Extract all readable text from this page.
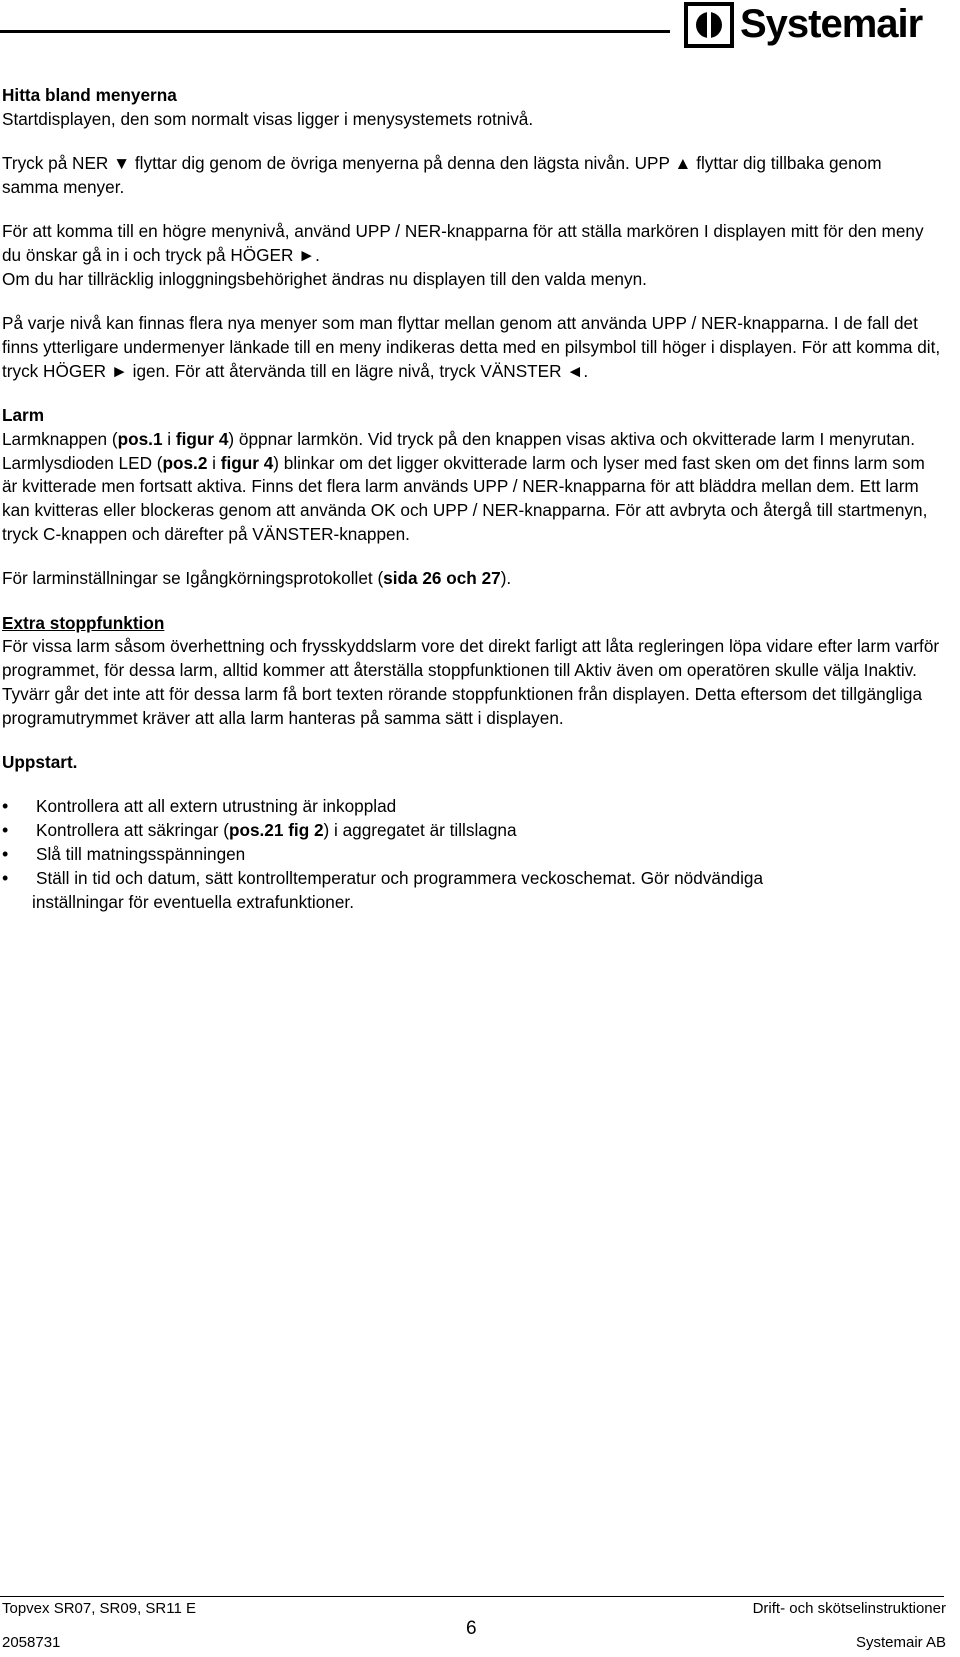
Systemair

Hitta bland menyerna

Startdisplayen, den som normalt visas ligger i menysystemets rotnivå.

Tryck på NER ▼ flyttar dig genom de övriga menyerna på denna den lägsta nivån. UPP ▲ flyttar dig tillbaka genom samma menyer.

För att komma till en högre menynivå, använd UPP / NER-knapparna för att ställa markören I displayen mitt för den meny du önskar gå in i och tryck på HÖGER ►.

Om du har tillräcklig inloggningsbehörighet ändras nu displayen till den valda menyn.

På varje nivå kan finnas flera nya menyer som man flyttar mellan genom att använda UPP / NER-knapparna. I de fall det finns ytterligare undermenyer länkade till en meny indikeras detta med en pilsymbol till höger i displayen. För att komma dit, tryck HÖGER ► igen. För att återvända till en lägre nivå, tryck VÄNSTER ◄.

Larm

Larmknappen (pos.1 i figur 4) öppnar larmkön. Vid tryck på den knappen visas aktiva och okvitterade larm I menyrutan. Larmlysdioden LED (pos.2 i figur 4) blinkar om det ligger okvitterade larm och lyser med fast sken om det finns larm som är kvitterade men fortsatt aktiva. Finns det flera larm används UPP / NER-knapparna för att bläddra mellan dem. Ett larm kan kvitteras eller blockeras genom att använda OK och UPP / NER-knapparna. För att avbryta och återgå till startmenyn, tryck C-knappen och därefter på VÄNSTER-knappen.

För larminställningar se Igångkörningsprotokollet (sida 26 och 27).

Extra stoppfunktion

För vissa larm såsom överhettning och frysskyddslarm vore det direkt farligt att låta regleringen löpa vidare efter larm varför programmet, för dessa larm, alltid kommer att återställa stoppfunktionen till Aktiv även om operatören skulle välja Inaktiv.

Tyvärr går det inte att för dessa larm få bort texten rörande stoppfunktionen från displayen. Detta eftersom det tillgängliga programutrymmet kräver att alla larm hanteras på samma sätt i displayen.

Uppstart.

• Kontrollera att all extern utrustning är inkopplad
• Kontrollera att säkringar (pos.21 fig 2) i aggregatet är tillslagna
• Slå till matningsspänningen
• Ställ in tid och datum, sätt kontrolltemperatur och programmera veckoschemat. Gör nödvändiga
inställningar för eventuella extrafunktioner.
Topvex SR07, SR09, SR11 E	Drift- och skötselinstruktioner
6
2058731	Systemair AB
